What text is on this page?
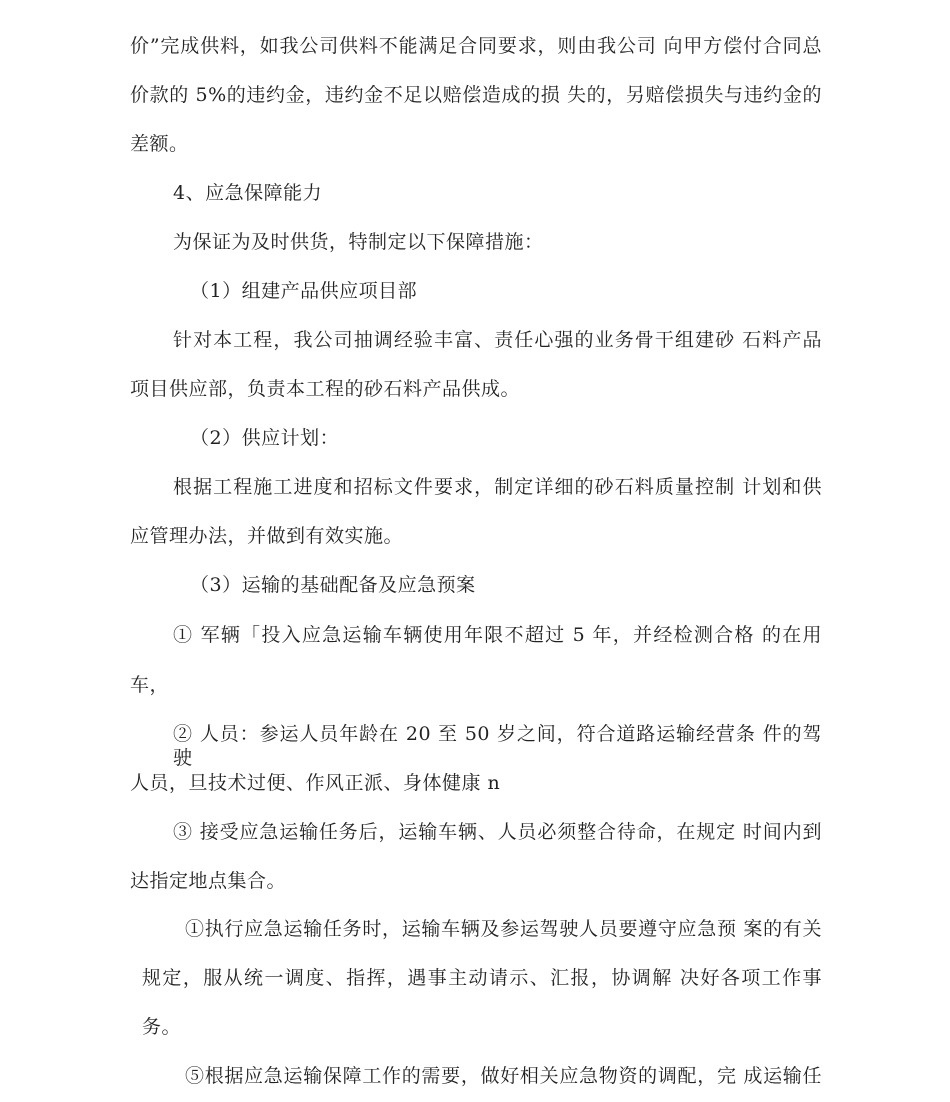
价”完成供料，如我公司供料不能满足合同要求，则由我公司 向甲方偿付合同总
价款的 5%的违约金，违约金不足以赔偿造成的损 失的，另赔偿损失与违约金的
差额。
4、应急保障能力
为保证为及时供货，特制定以下保障措施：
（1）组建产品供应项目部
针对本工程，我公司抽调经验丰富、责任心强的业务骨干组建砂 石料产品
项目供应部，负责本工程的砂石料产品供成。
（2）供应计划：
根据工程施工进度和招标文件要求，制定详细的砂石料质量控制 计划和供
应管理办法，并做到有效实施。
（3）运输的基础配备及应急预案
① 军辆「投入应急运输车辆使用年限不超过 5 年，并经检测合格 的在用
车，
② 人员：参运人员年龄在 20 至 50 岁之间，符合道路运输经营条 件的驾驶
人员，旦技术过便、作风正派、身体健康 n
③ 接受应急运输任务后，运输车辆、人员必须整合待命，在规定 时间内到
达指定地点集合。
①执行应急运输任务时，运输车辆及参运驾驶人员要遵守应急预 案的有关
规定，服从统一调度、指挥，遇事主动请示、汇报，协调解 决好各项工作事
务。
⑤根据应急运输保障工作的需要，做好相关应急物资的调配，完 成运输任
